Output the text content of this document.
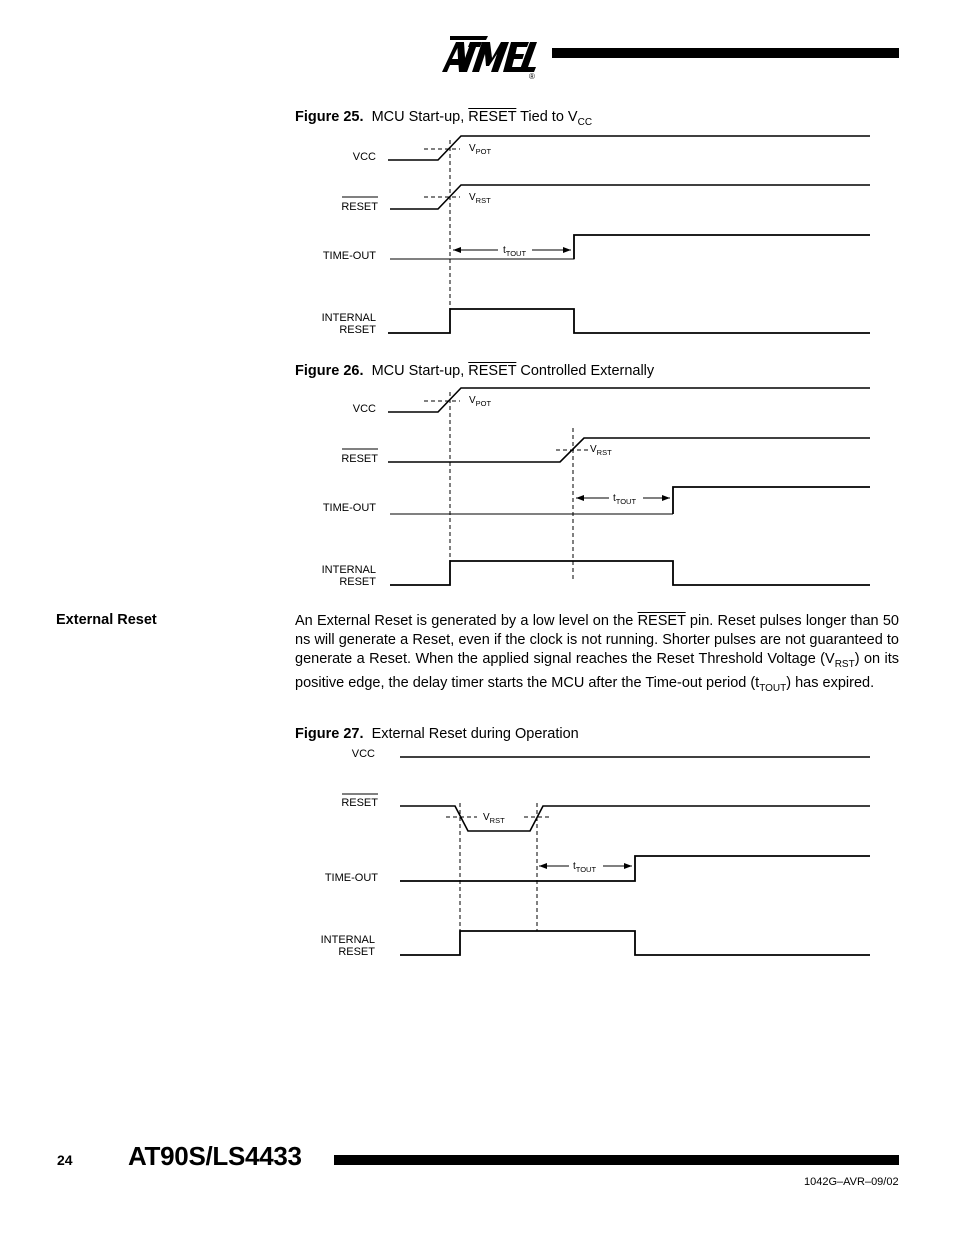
®
Figure 25. MCU Start-up, RESET Tied to $V_{CC}$
Figure 26. MCU Start-up, RESET Controlled Externally
Figure 27. External Reset during Operation
VCC
$V_{POT}$
RESET
$V_{RST}$
TIME-OUT	$t_{TOUT}$
INTERNAL
RESET
VCC
$V_{POT}$
RESET
$V_{RST}$
TIME-OUT
$t_{TOUT}$
INTERNAL
RESET
VCC
RESET
$V_{RST}$
TIME-OUT
$t_{TOUT}$
INTERNAL
RESET
External Reset	An External Reset is generated by a low level on the RESET pin. Reset pulses longer than 50 ns will generate a Reset, even if the clock is not running. Shorter pulses are not guaranteed to generate a Reset. When the applied signal reaches the Reset Threshold Voltage $(V_{RST})$ on its positive edge, the delay timer starts the MCU after the Time-out period $(t_{TOUT})$ has expired.
24 AT90S/LS4433
1042G–AVR–09/02
